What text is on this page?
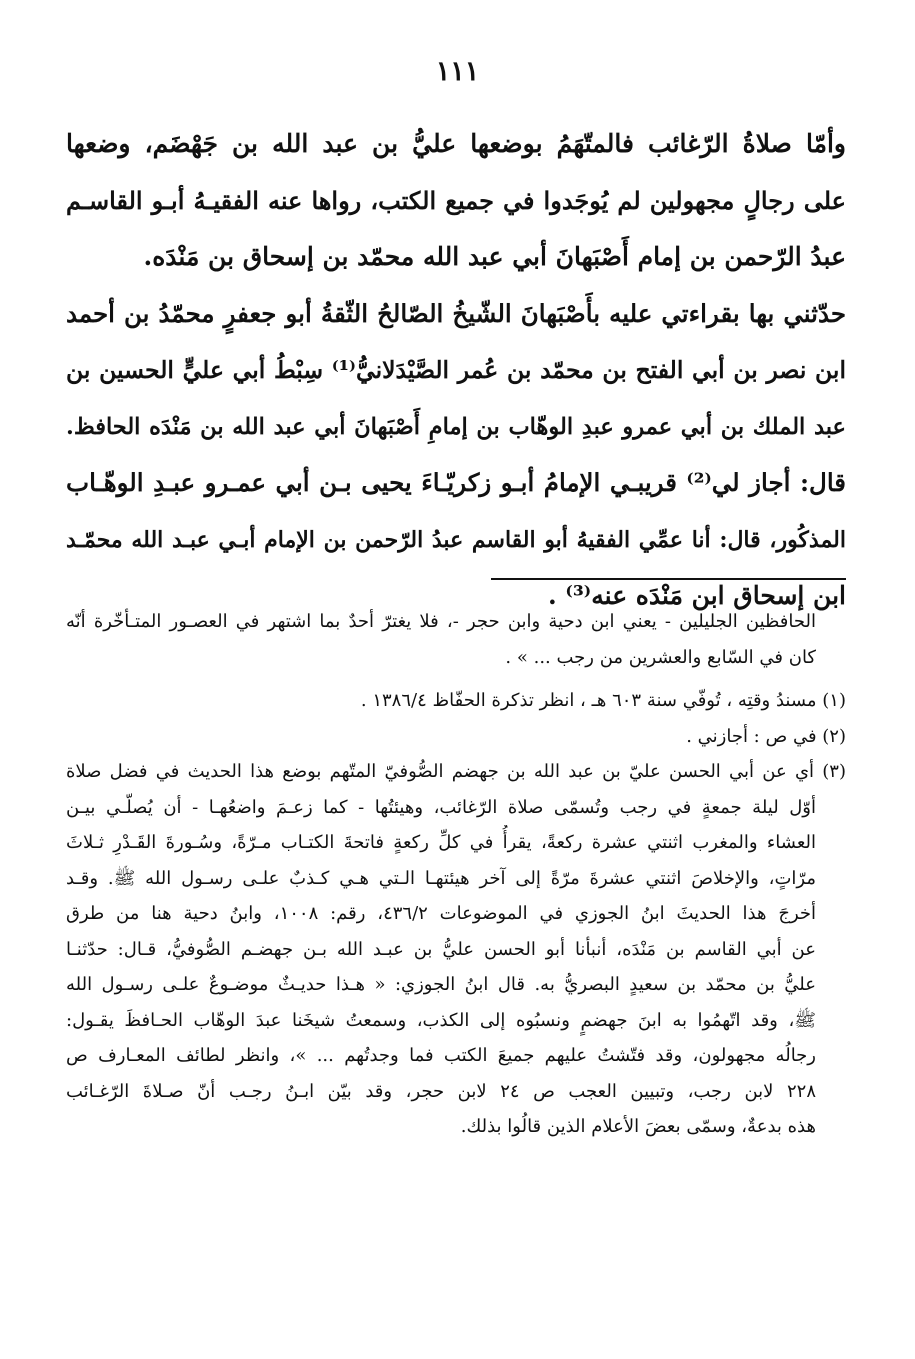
١١١
وأمّا صلاةُ الرّغائب فالمتّهَمُ بوضعها عليُّ بن عبد الله بن جَهْضَم، وضعها
على رجالٍ مجهولين لم يُوجَدوا في جميع الكتب، رواها عنه الفقيـهُ أبـو القاسـم
عبدُ الرّحمن بن إمام أَصْبَهانَ أبي عبد الله محمّد بن إسحاق بن مَنْدَه.
حدّثني بها بقراءتي عليه بأَصْبَهانَ الشّيخُ الصّالحُ الثّقةُ أبو جعفرٍ محمّدُ بن أحمد
ابن نصر بن أبي الفتح بن محمّد بن عُمر الصَّيْدَلانيُّ⁽¹⁾ سِبْطُ أبي عليٍّ الحسين بن
عبد الملك بن أبي عمرو عبدِ الوهّاب بن إمامِ أَصْبَهانَ أبي عبد الله بن مَنْدَه الحافظ.
قال: أجاز لي⁽²⁾ قريبـي الإمامُ أبـو زكريّـاءَ يحيى بـن أبي عمـرو عبـدِ الوهّـاب
المذكُور، قال: أنا عمِّي الفقيهُ أبو القاسم عبدُ الرّحمن بن الإمام أبـي عبـد الله محمّـد
ابن إسحاق ابن مَنْدَه عنه⁽³⁾ .
الحافظين الجليلين - يعني ابن دحية وابن حجر -، فلا يغترّ أحدٌ بما اشتهر في العصـور المتـأخّرة أنّه
كان في السّابع والعشرين من رجب ... » .
(١) مسندُ وقتِه ، تُوفّي سنة ٦٠٣ هـ ، انظر تذكرة الحفّاظ ١٣٨٦/٤ .
(٢) في ص : أجازني .
(٣) أي عن أبي الحسن عليّ بن عبد الله بن جهضم الصُّوفيّ المتّهم بوضع هذا الحديث في فضل صلاة
أوّل ليلة جمعةٍ في رجب وتُسمّى صلاة الرّغائب، وهيئتُها - كما زعـمَ واضعُهـا - أن يُصلّـي بيـن
العشاء والمغرب اثنتي عشرة ركعةً، يقرأُ في كلِّ ركعةٍ فاتحةَ الكتـاب مـرّةً، وسُـورةَ القَـدْرِ ثـلاثَ
مرّاتٍ، والإخلاصَ اثنتي عشرةَ مرّةً إلى آخر هيئتهـا الـتي هـي كـذبٌ علـى رسـول الله ﷺ. وقـد
أخرجَ هذا الحديثَ ابنُ الجوزي في الموضوعات ٤٣٦/٢، رقم: ١٠٠٨، وابنُ دحية هنا من طرق
عن أبي القاسم بن مَنْدَه، أنبأنا أبو الحسن عليُّ بن عبـد الله بـن جهضـم الصُّوفيُّ، قـال: حدّثنـا
عليُّ بن محمّد بن سعيدٍ البصريُّ به. قال ابنُ الجوزي: « هـذا حديـثٌ موضـوعٌ علـى رسـول الله
ﷺ، وقد اتّهمُوا به ابنَ جهضمٍ ونسبُوه إلى الكذب، وسمعتُ شيخَنا عبدَ الوهّاب الحـافظَ يقـول:
رجالُه مجهولون، وقد فتّشتُ عليهم جميعَ الكتب فما وجدتُهم ... »، وانظر لطائف المعـارف ص
٢٢٨ لابن رجب، وتبيين العجب ص ٢٤ لابن حجر، وقد بيّن ابـنُ رجـب أنّ صـلاةَ الرّغـائب
هذه بدعةٌ، وسمّى بعضَ الأعلام الذين قالُوا بذلك.
